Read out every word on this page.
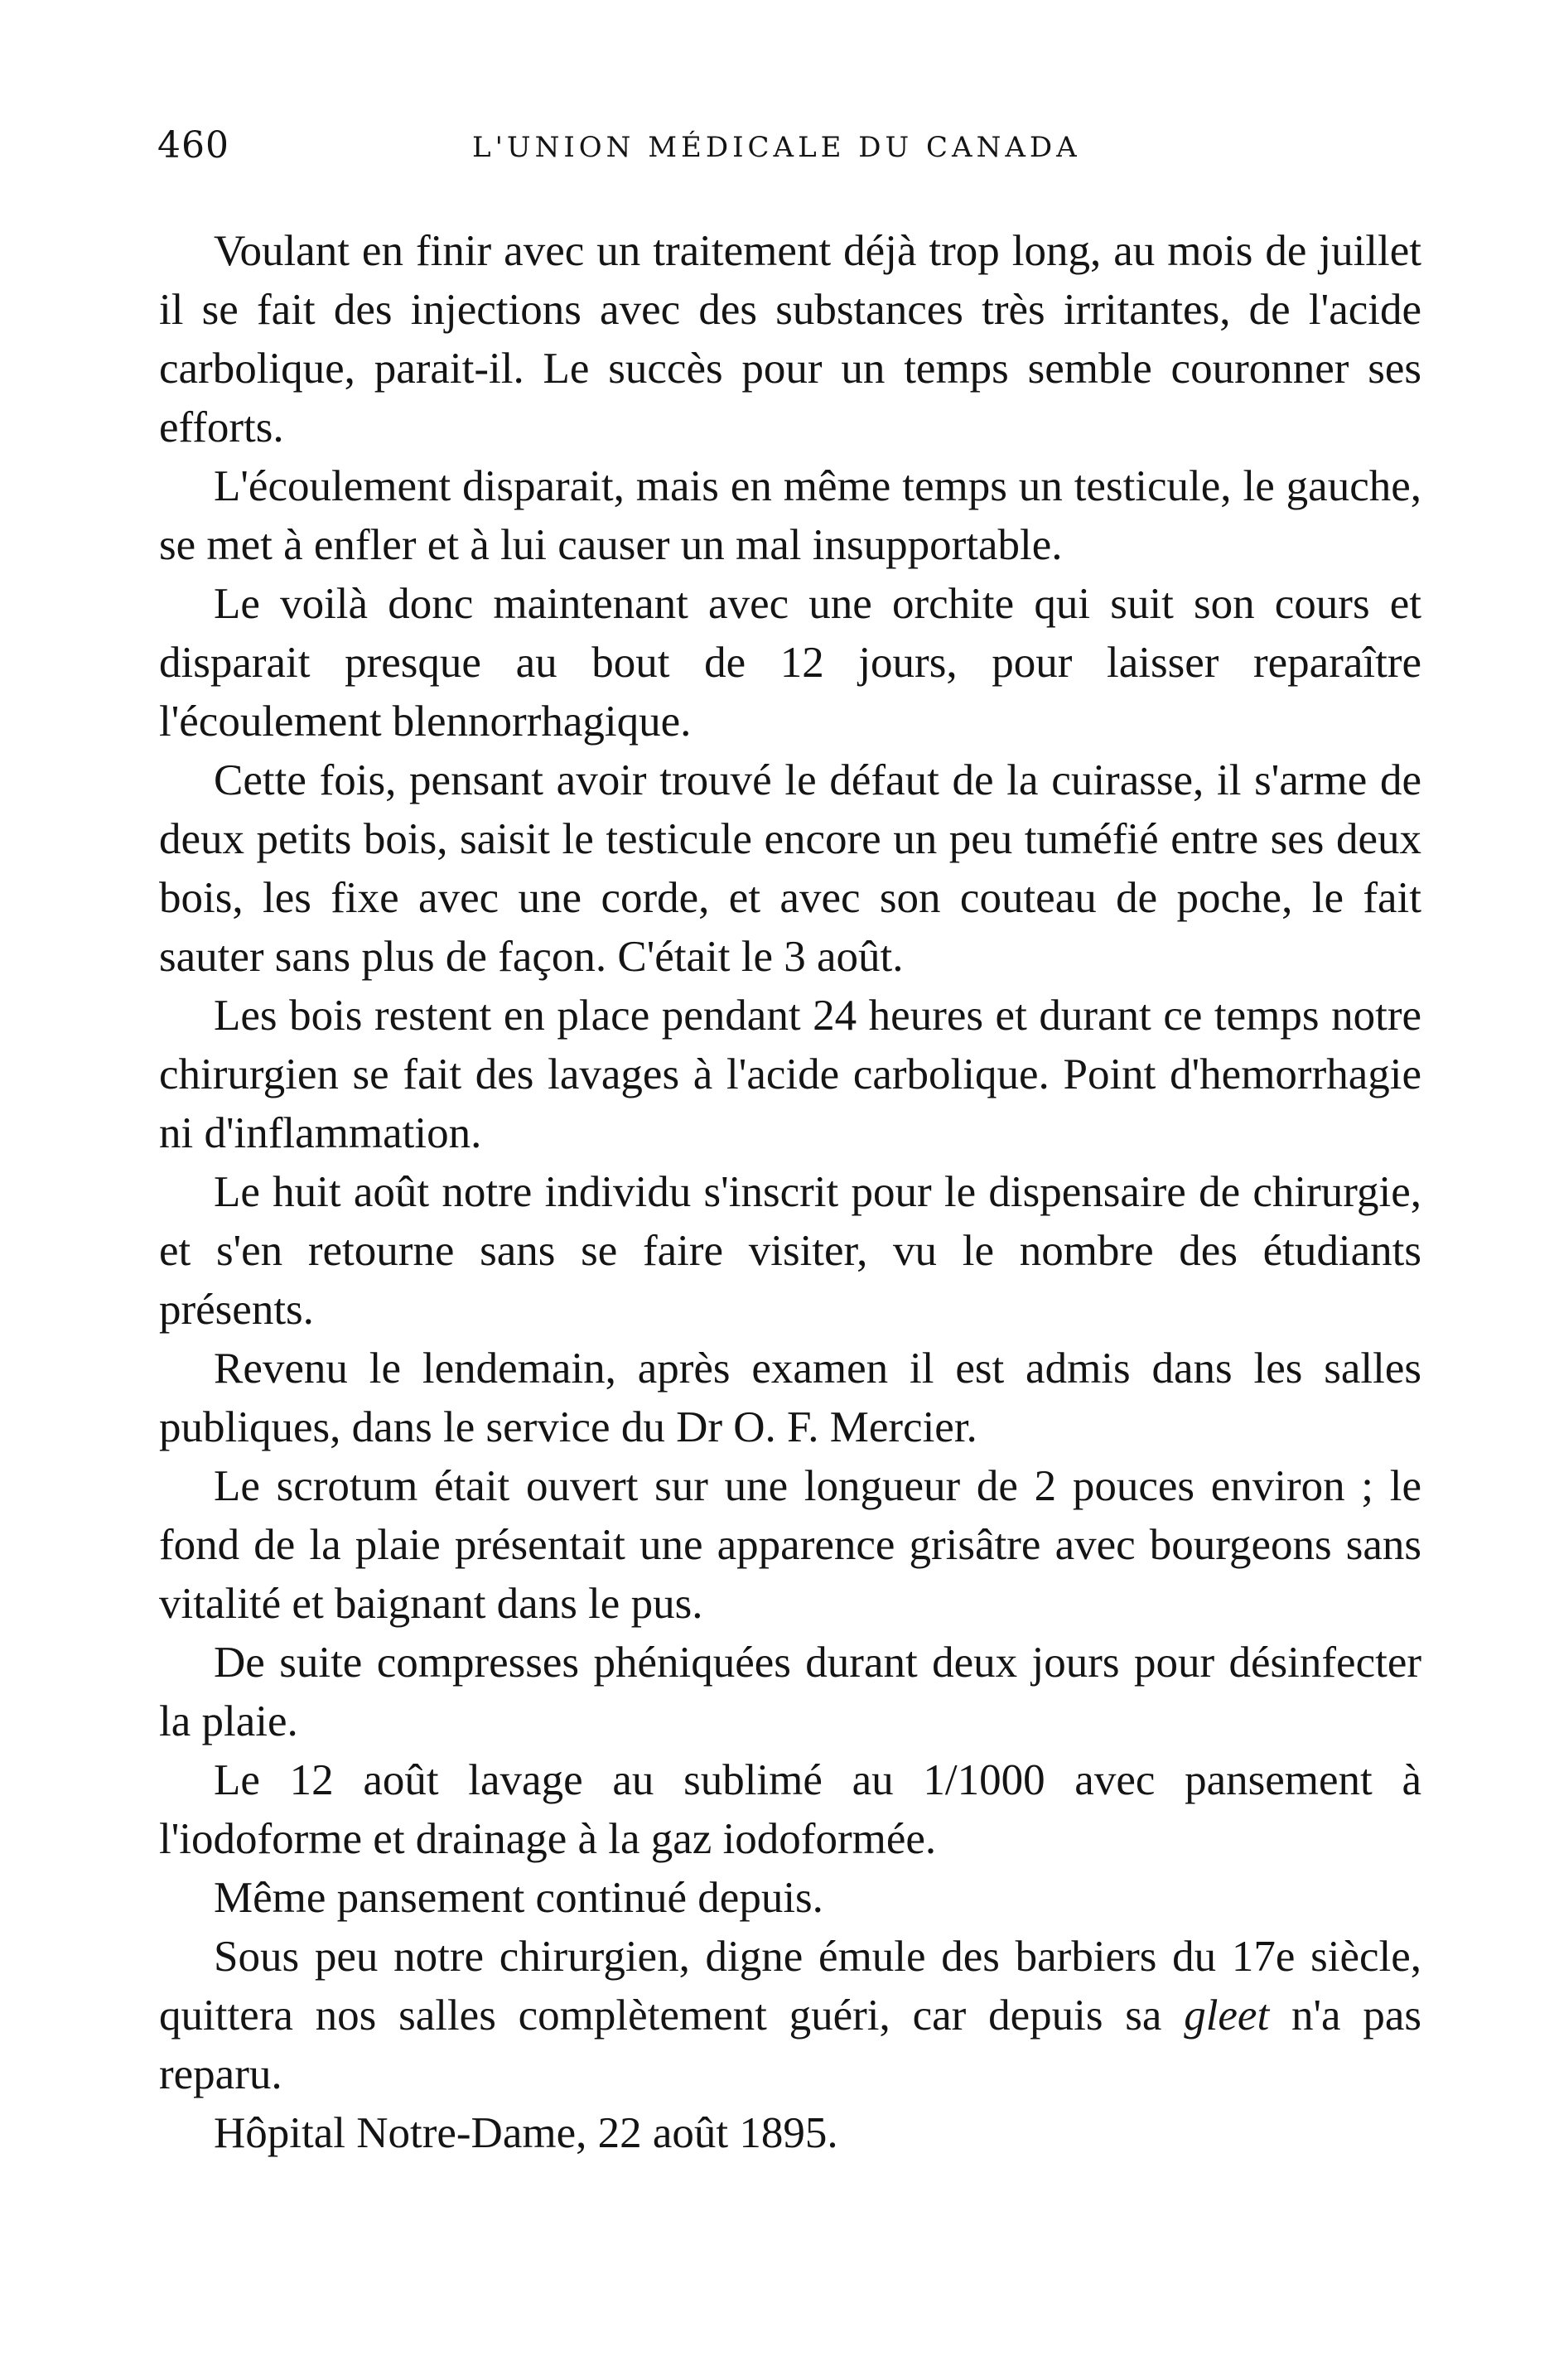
460	L'UNION MÉDICALE DU CANADA

Voulant en finir avec un traitement déjà trop long, au mois de juillet il se fait des injections avec des substances très irritantes, de l'acide carbolique, parait-il. Le succès pour un temps semble couronner ses efforts.

L'écoulement disparait, mais en même temps un testicule, le gauche, se met à enfler et à lui causer un mal insupportable.

Le voilà donc maintenant avec une orchite qui suit son cours et disparait presque au bout de 12 jours, pour laisser reparaître l'écoulement blennorrhagique.

Cette fois, pensant avoir trouvé le défaut de la cuirasse, il s'arme de deux petits bois, saisit le testicule encore un peu tuméfié entre ses deux bois, les fixe avec une corde, et avec son couteau de poche, le fait sauter sans plus de façon. C'était le 3 août.

Les bois restent en place pendant 24 heures et durant ce temps notre chirurgien se fait des lavages à l'acide carbolique. Point d'hemorrhagie ni d'inflammation.

Le huit août notre individu s'inscrit pour le dispensaire de chirurgie, et s'en retourne sans se faire visiter, vu le nombre des étudiants présents.

Revenu le lendemain, après examen il est admis dans les salles publiques, dans le service du Dr O. F. Mercier.

Le scrotum était ouvert sur une longueur de 2 pouces environ ; le fond de la plaie présentait une apparence grisâtre avec bourgeons sans vitalité et baignant dans le pus.

De suite compresses phéniquées durant deux jours pour désinfecter la plaie.

Le 12 août lavage au sublimé au 1/1000 avec pansement à l'iodoforme et drainage à la gaz iodoformée.

Même pansement continué depuis.

Sous peu notre chirurgien, digne émule des barbiers du 17e siècle, quittera nos salles complètement guéri, car depuis sa gleet n'a pas reparu.

Hôpital Notre-Dame, 22 août 1895.
